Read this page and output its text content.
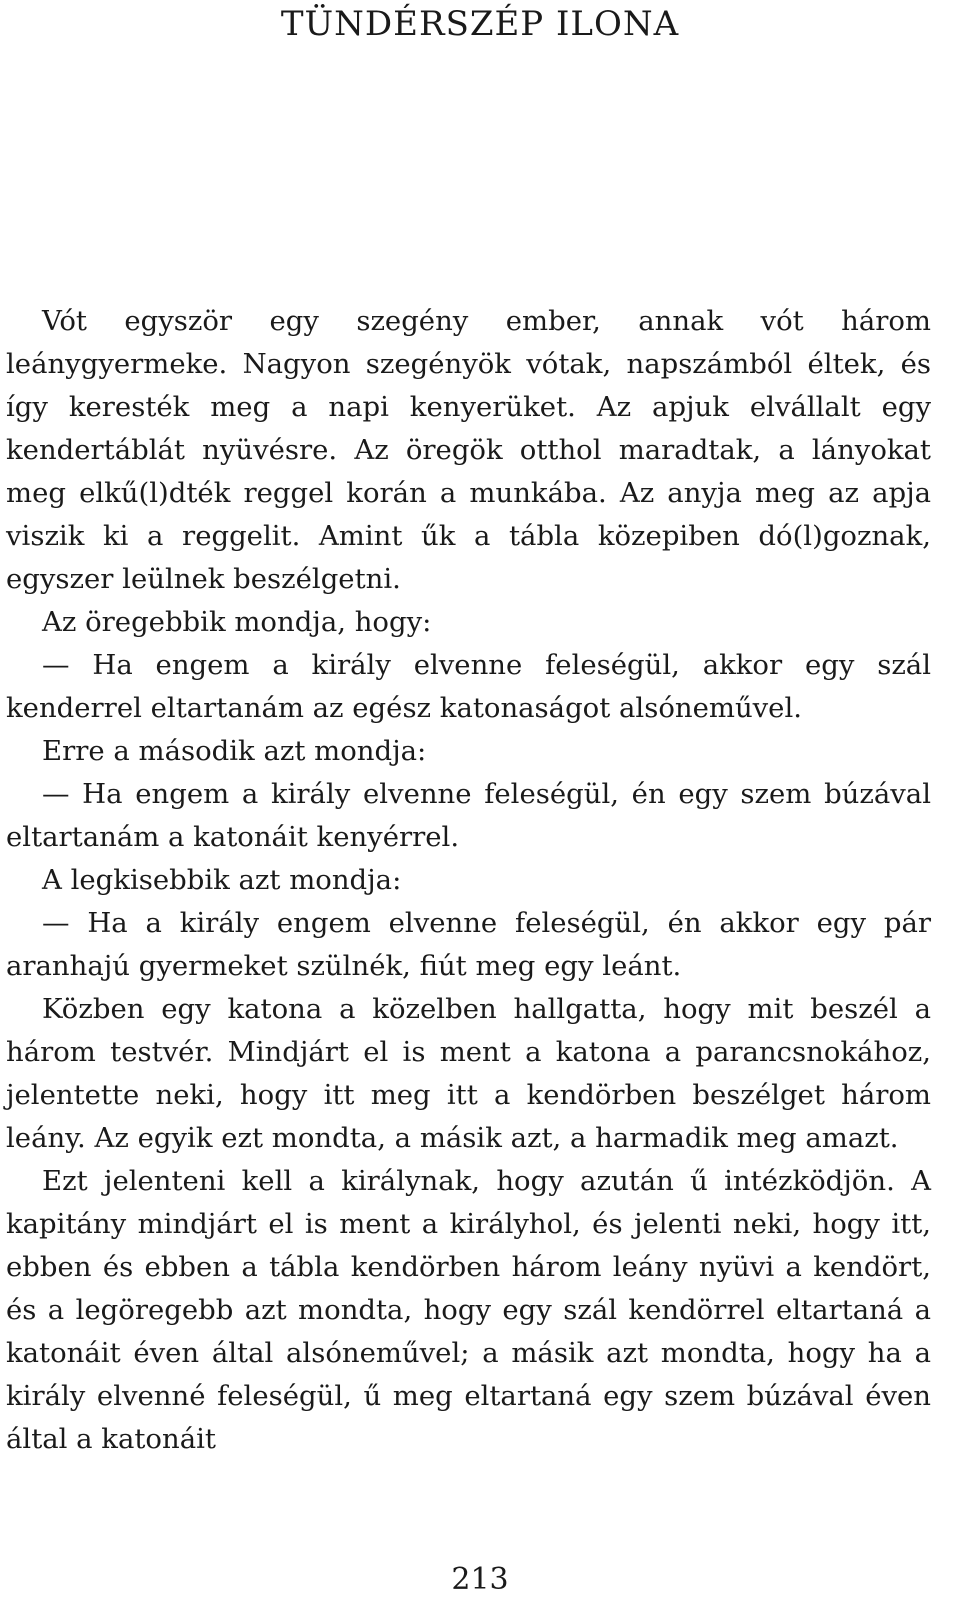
TÜNDÉRSZÉP ILONA

Vót egyször egy szegény ember, annak vót három leánygyermeke. Nagyon szegényök vótak, napszámból éltek, és így keresték meg a napi kenyerüket. Az apjuk elvállalt egy kendertáblát nyüvésre. Az öregök otthol maradtak, a lányokat meg elkű(l)dték reggel korán a munkába. Az anyja meg az apja viszik ki a reggelit. Amint űk a tábla közepiben dó(l)goznak, egyszer leülnek beszélgetni.

Az öregebbik mondja, hogy:

— Ha engem a király elvenne feleségül, akkor egy szál kenderrel eltartanám az egész katonaságot alsóneművel.

Erre a második azt mondja:

— Ha engem a király elvenne feleségül, én egy szem búzával eltartanám a katonáit kenyérrel.

A legkisebbik azt mondja:

— Ha a király engem elvenne feleségül, én akkor egy pár aranhajú gyermeket szülnék, fiút meg egy leánt.

Közben egy katona a közelben hallgatta, hogy mit beszél a három testvér. Mindjárt el is ment a katona a parancsnokához, jelentette neki, hogy itt meg itt a kendörben beszélget három leány. Az egyik ezt mondta, a másik azt, a harmadik meg amazt.

Ezt jelenteni kell a királynak, hogy azután ű intézködjön. A kapitány mindjárt el is ment a királyhol, és jelenti neki, hogy itt, ebben és ebben a tábla kendörben három leány nyüvi a kendört, és a legöregebb azt mondta, hogy egy szál kendörrel eltartaná a katonáit éven által alsóneművel; a másik azt mondta, hogy ha a király elvenné feleségül, ű meg eltartaná egy szem búzával éven által a katonáit

213
